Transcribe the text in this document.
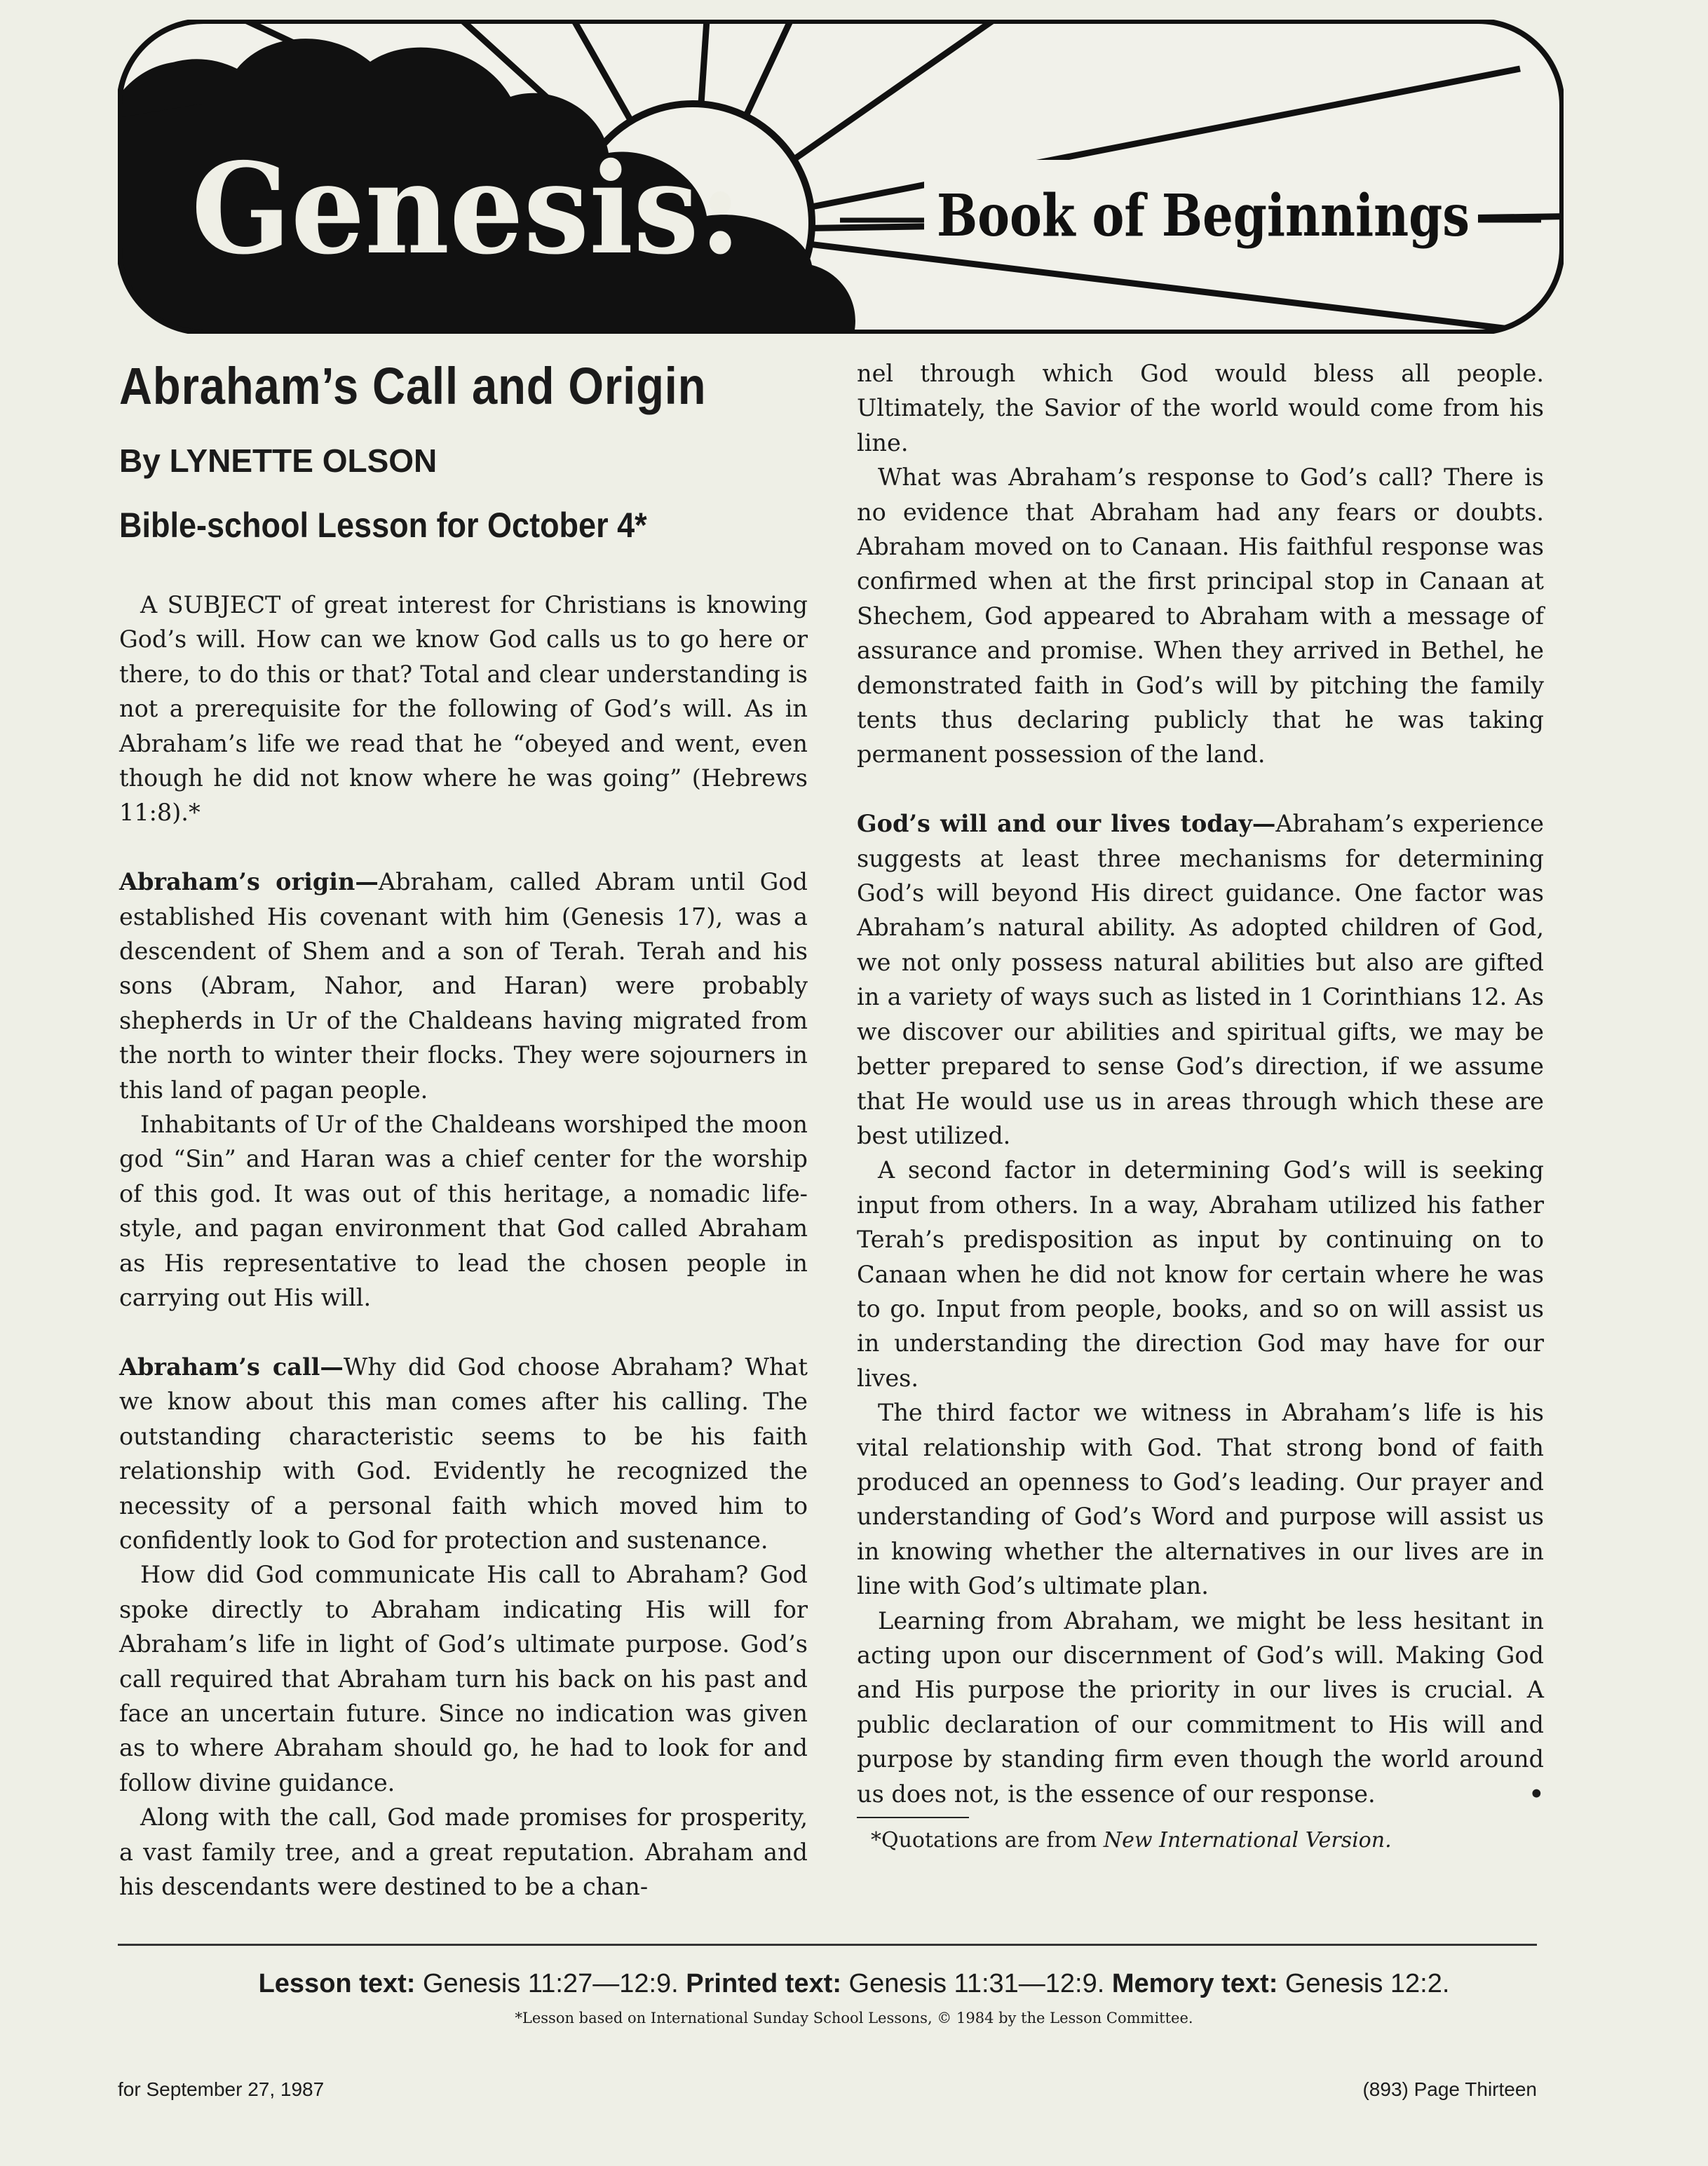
Genesis:	Book of Beginnings
Abraham’s Call and Origin

By LYNETTE OLSON

Bible-school Lesson for October 4*

A SUBJECT of great interest for Christians is knowing God’s will. How can we know God calls us to go here or there, to do this or that? Total and clear understanding is not a prerequisite for the following of God’s will. As in Abraham’s life we read that he “obeyed and went, even though he did not know where he was going” (Hebrews 11:8).*

Abraham’s origin—Abraham, called Abram until God established His covenant with him (Genesis 17), was a descendent of Shem and a son of Terah. Terah and his sons (Abram, Nahor, and Haran) were probably shepherds in Ur of the Chaldeans having migrated from the north to winter their flocks. They were sojourners in this land of pagan people.

Inhabitants of Ur of the Chaldeans worshiped the moon god “Sin” and Haran was a chief center for the worship of this god. It was out of this heritage, a nomadic life-style, and pagan environment that God called Abraham as His representative to lead the chosen people in carrying out His will.

Abraham’s call—Why did God choose Abraham? What we know about this man comes after his calling. The outstanding characteristic seems to be his faith relationship with God. Evidently he recognized the necessity of a personal faith which moved him to confidently look to God for protection and sustenance.

How did God communicate His call to Abraham? God spoke directly to Abraham indicating His will for Abraham’s life in light of God’s ultimate purpose. God’s call required that Abraham turn his back on his past and face an uncertain future. Since no indication was given as to where Abraham should go, he had to look for and follow divine guidance.

Along with the call, God made promises for prosperity, a vast family tree, and a great reputation. Abraham and his descendants were destined to be a chan-

nel through which God would bless all people. Ultimately, the Savior of the world would come from his line.

What was Abraham’s response to God’s call? There is no evidence that Abraham had any fears or doubts. Abraham moved on to Canaan. His faithful response was confirmed when at the first principal stop in Canaan at Shechem, God appeared to Abraham with a message of assurance and promise. When they arrived in Bethel, he demonstrated faith in God’s will by pitching the family tents thus declaring publicly that he was taking permanent possession of the land.

God’s will and our lives today—Abraham’s experience suggests at least three mechanisms for determining God’s will beyond His direct guidance. One factor was Abraham’s natural ability. As adopted children of God, we not only possess natural abilities but also are gifted in a variety of ways such as listed in 1 Corinthians 12. As we discover our abilities and spiritual gifts, we may be better prepared to sense God’s direction, if we assume that He would use us in areas through which these are best utilized.

A second factor in determining God’s will is seeking input from others. In a way, Abraham utilized his father Terah’s predisposition as input by continuing on to Canaan when he did not know for certain where he was to go. Input from people, books, and so on will assist us in understanding the direction God may have for our lives.

The third factor we witness in Abraham’s life is his vital relationship with God. That strong bond of faith produced an openness to God’s leading. Our prayer and understanding of God’s Word and purpose will assist us in knowing whether the alternatives in our lives are in line with God’s ultimate plan.

Learning from Abraham, we might be less hesitant in acting upon our discernment of God’s will. Making God and His purpose the priority in our lives is crucial. A public declaration of our commitment to His will and purpose by standing firm even though the world around us does not, is the essence of our response.	•

*Quotations are from New International Version.

Lesson text: Genesis 11:27—12:9. Printed text: Genesis 11:31—12:9. Memory text: Genesis 12:2.

*Lesson based on International Sunday School Lessons, © 1984 by the Lesson Committee.

for September 27, 1987	(893) Page Thirteen
